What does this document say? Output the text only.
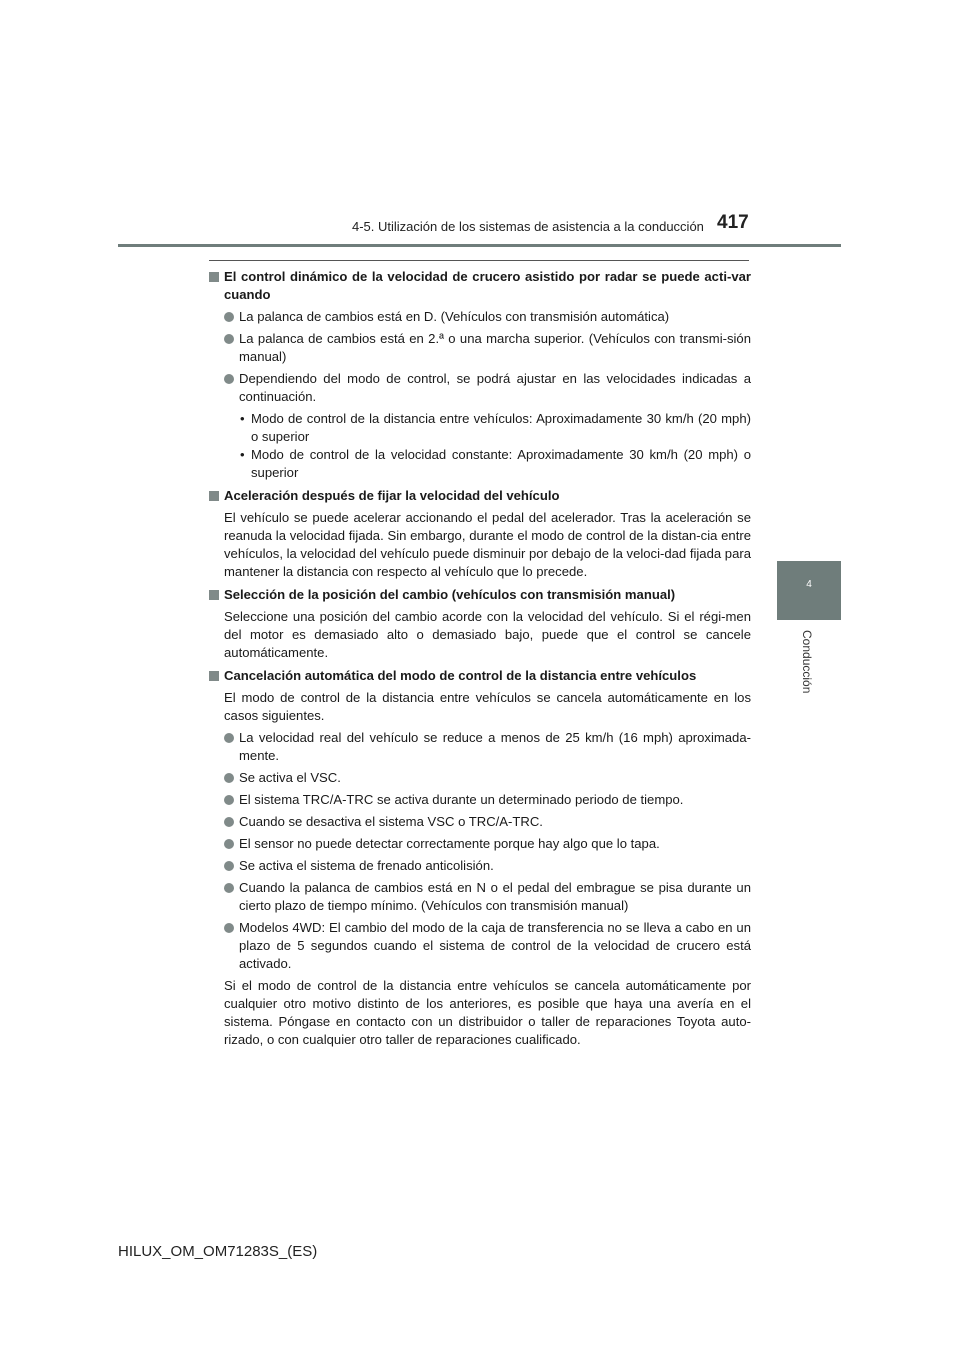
4-5. Utilización de los sistemas de asistencia a la conducción 417
4
Conducción
El control dinámico de la velocidad de crucero asistido por radar se puede acti-var cuando
La palanca de cambios está en D. (Vehículos con transmisión automática)
La palanca de cambios está en 2.ª o una marcha superior. (Vehículos con transmi-sión manual)
Dependiendo del modo de control, se podrá ajustar en las velocidades indicadas a continuación.
• Modo de control de la distancia entre vehículos: Aproximadamente 30 km/h (20 mph) o superior
• Modo de control de la velocidad constante: Aproximadamente 30 km/h (20 mph) o superior
Aceleración después de fijar la velocidad del vehículo
El vehículo se puede acelerar accionando el pedal del acelerador. Tras la aceleración se reanuda la velocidad fijada. Sin embargo, durante el modo de control de la distan-cia entre vehículos, la velocidad del vehículo puede disminuir por debajo de la veloci-dad fijada para mantener la distancia con respecto al vehículo que lo precede.
Selección de la posición del cambio (vehículos con transmisión manual)
Seleccione una posición del cambio acorde con la velocidad del vehículo. Si el régi-men del motor es demasiado alto o demasiado bajo, puede que el control se cancele automáticamente.
Cancelación automática del modo de control de la distancia entre vehículos
El modo de control de la distancia entre vehículos se cancela automáticamente en los casos siguientes.
La velocidad real del vehículo se reduce a menos de 25 km/h (16 mph) aproximada-mente.
Se activa el VSC.
El sistema TRC/A-TRC se activa durante un determinado periodo de tiempo.
Cuando se desactiva el sistema VSC o TRC/A-TRC.
El sensor no puede detectar correctamente porque hay algo que lo tapa.
Se activa el sistema de frenado anticolisión.
Cuando la palanca de cambios está en N o el pedal del embrague se pisa durante un cierto plazo de tiempo mínimo. (Vehículos con transmisión manual)
Modelos 4WD: El cambio del modo de la caja de transferencia no se lleva a cabo en un plazo de 5 segundos cuando el sistema de control de la velocidad de crucero está activado.
Si el modo de control de la distancia entre vehículos se cancela automáticamente por cualquier otro motivo distinto de los anteriores, es posible que haya una avería en el sistema. Póngase en contacto con un distribuidor o taller de reparaciones Toyota auto-rizado, o con cualquier otro taller de reparaciones cualificado.
HILUX_OM_OM71283S_(ES)
